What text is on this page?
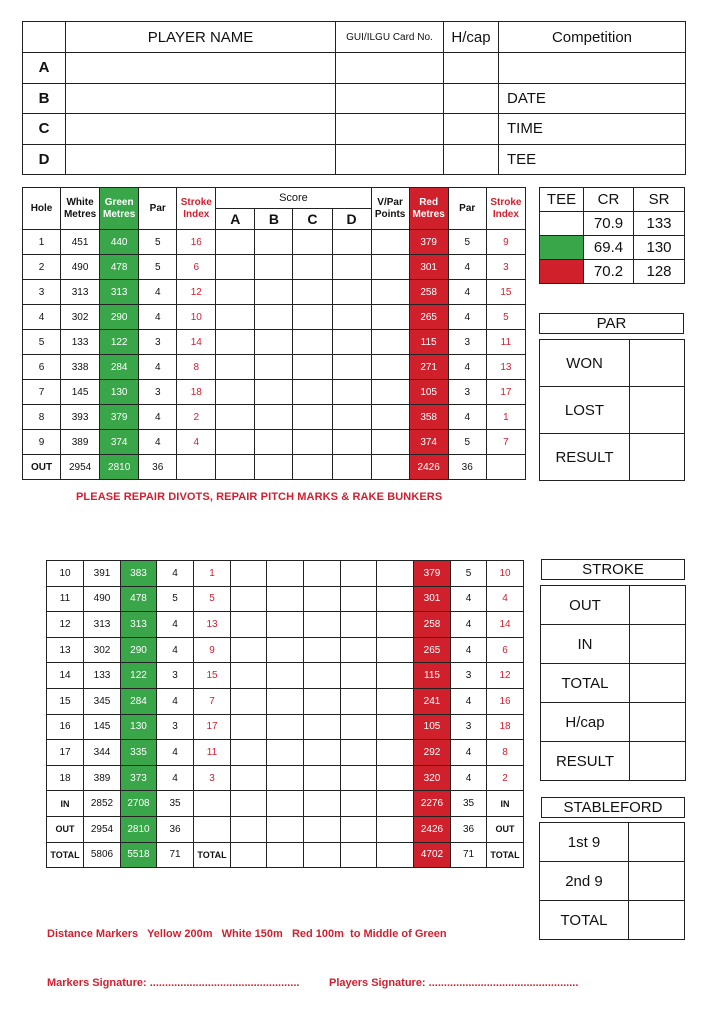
	PLAYER NAME	GUI/ILGU Card No.	H/cap	Competition
A				
B				DATE
C				TIME
D				TEE
Hole	White Metres	Green Metres	Par	Stroke Index	Score				V/Par Points	Red Metres	Par	Stroke Index
					A	B	C	D				
1	451	440	5	16						379	5	9
2	490	478	5	6						301	4	3
3	313	313	4	12						258	4	15
4	302	290	4	10						265	4	5
5	133	122	3	14						115	3	11
6	338	284	4	8						271	4	13
7	145	130	3	18						105	3	17
8	393	379	4	2						358	4	1
9	389	374	4	4						374	5	7
OUT	2954	2810	36							2426	36	
PLEASE REPAIR DIVOTS, REPAIR PITCH MARKS & RAKE BUNKERS
TEE	CR	SR
	70.9	133
	69.4	130
	70.2	128
PAR
WON	
LOST	
RESULT	
10	391	383	4	1						379	5	10
11	490	478	5	5						301	4	4
12	313	313	4	13						258	4	14
13	302	290	4	9						265	4	6
14	133	122	3	15						115	3	12
15	345	284	4	7						241	4	16
16	145	130	3	17						105	3	18
17	344	335	4	11						292	4	8
18	389	373	4	3						320	4	2
IN	2852	2708	35							2276	35	IN
OUT	2954	2810	36							2426	36	OUT
TOTAL	5806	5518	71	TOTAL						4702	71	TOTAL
STROKE
OUT	
IN	
TOTAL	
H/cap	
RESULT	
STABLEFORD
1st 9	
2nd 9	
TOTAL	
Distance Markers   Yellow 200m   White 150m   Red 100m  to Middle of Green
Markers Signature: .................................................	Players Signature: .................................................
